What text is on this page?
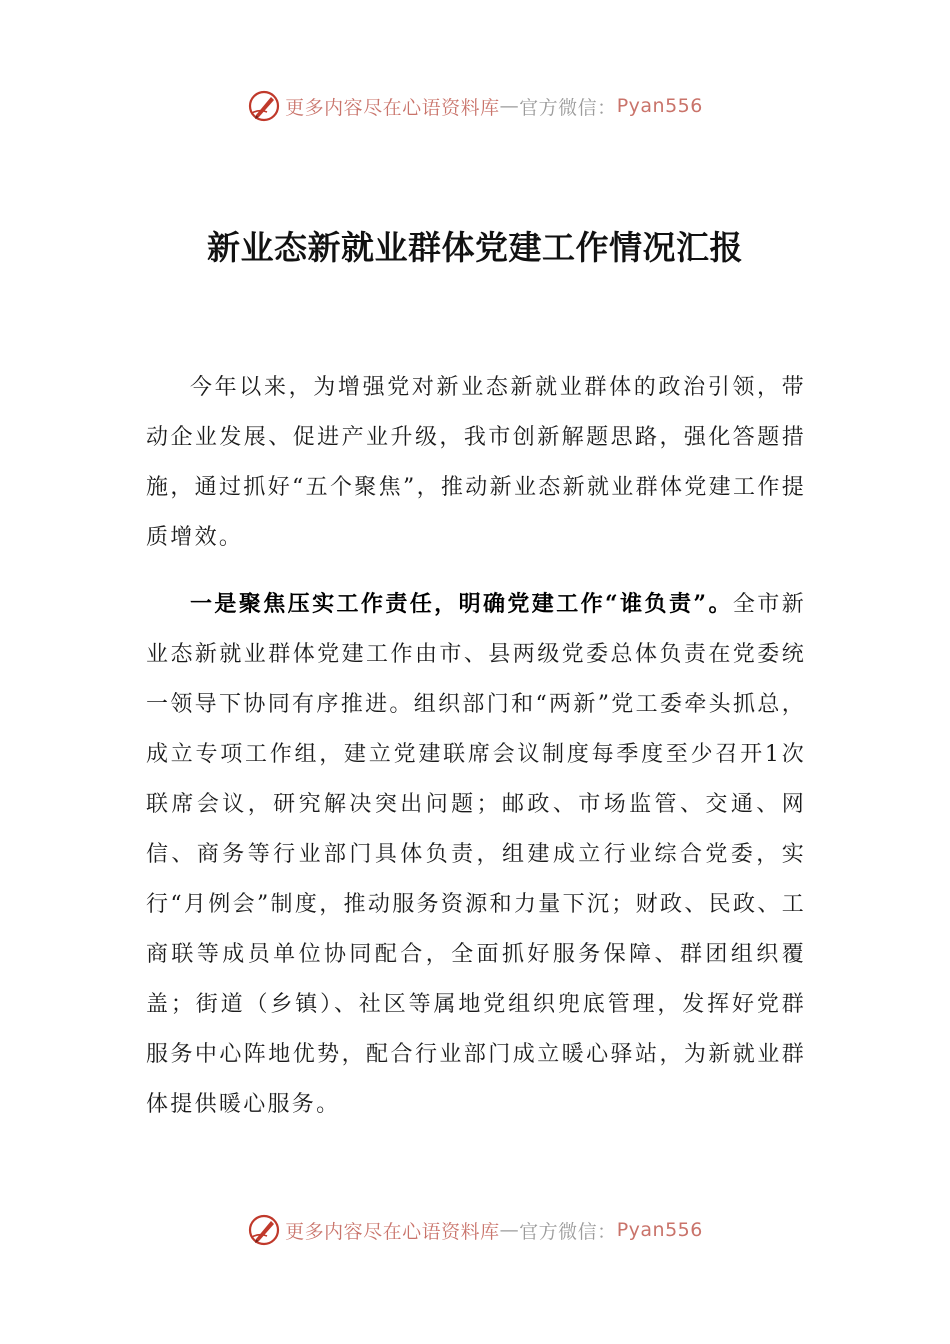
更多内容尽在心语资料库 — 官方微信： Pyan556
新业态新就业群体党建工作情况汇报

今年以来，为增强党对新业态新就业群体的政治引领，带动企业发展、促进产业升级，我市创新解题思路，强化答题措施，通过抓好“五个聚焦”，推动新业态新就业群体党建工作提质增效。

一是聚焦压实工作责任，明确党建工作“谁负责”。全市新业态新就业群体党建工作由市、县两级党委总体负责在党委统一领导下协同有序推进。组织部门和“两新”党工委牵头抓总，成立专项工作组，建立党建联席会议制度每季度至少召开1次联席会议，研究解决突出问题；邮政、市场监管、交通、网信、商务等行业部门具体负责，组建成立行业综合党委，实行“月例会”制度，推动服务资源和力量下沉；财政、民政、工商联等成员单位协同配合，全面抓好服务保障、群团组织覆盖；街道（乡镇）、社区等属地党组织兜底管理，发挥好党群服务中心阵地优势，配合行业部门成立暖心驿站，为新就业群体提供暖心服务。

更多内容尽在心语资料库 — 官方微信： Pyan556
